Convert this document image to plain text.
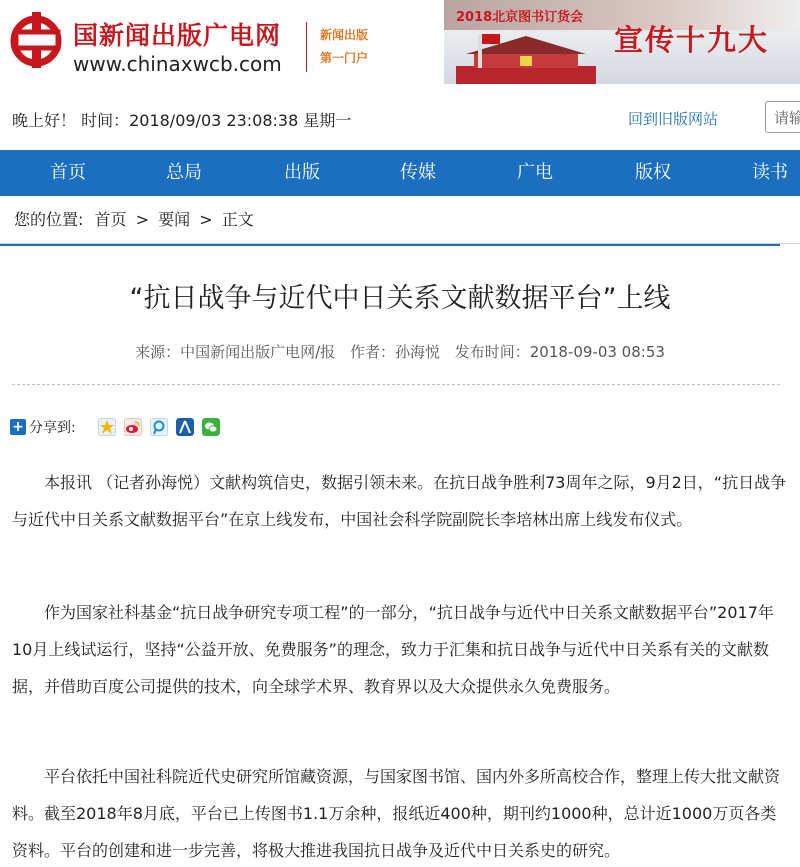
国新闻出版广电网
www.chinaxwcb.com
新闻出版
第一门户
2018北京图书订货会
宣传十九大
晚上好！ 时间：2018/09/03 23:08:38 星期一	回到旧版网站
请输
首页	总局	出版	传媒	广电	版权	读书
您的位置: 首页 > 要闻 > 正文
“抗日战争与近代中日关系文献数据平台”上线
来源：中国新闻出版广电网/报 作者：孙海悦 发布时间：2018-09-03 08:53
+ 分享到:

本报讯 （记者孙海悦）文献构筑信史，数据引领未来。在抗日战争胜利73周年之际，9月2日，“抗日战争与近代中日关系文献数据平台”在京上线发布，中国社会科学院副院长李培林出席上线发布仪式。

作为国家社科基金“抗日战争研究专项工程”的一部分，“抗日战争与近代中日关系文献数据平台”2017年10月上线试运行，坚持“公益开放、免费服务”的理念，致力于汇集和抗日战争与近代中日关系有关的文献数据，并借助百度公司提供的技术，向全球学术界、教育界以及大众提供永久免费服务。

平台依托中国社科院近代史研究所馆藏资源，与国家图书馆、国内外多所高校合作，整理上传大批文献资料。截至2018年8月底，平台已上传图书1.1万余种，报纸近400种，期刊约1000种，总计近1000万页各类资料。平台的创建和进一步完善，将极大推进我国抗日战争及近代中日关系史的研究。
